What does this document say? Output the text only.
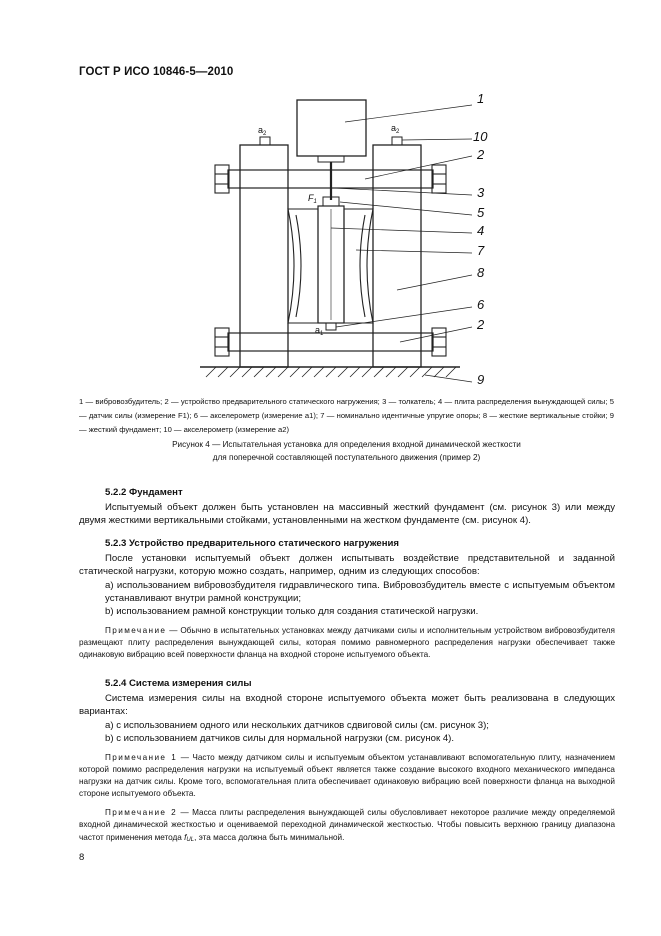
ГОСТ Р ИСО 10846-5—2010
1
10
2
3
5
4
7
8
6
2
9
$a_2$
$a_2$
$F_1$
$a_1$
1 — вибровозбудитель; 2 — устройство предварительного статического нагружения; 3 — толкатель; 4 — плита распределения вынуждающей силы; 5 — датчик силы (измерение F1); 6 — акселерометр (измерение a1); 7 — номинально идентичные упругие опоры; 8 — жесткие вертикальные стойки; 9 — жесткий фундамент; 10 — акселерометр (измерение a2)
Рисунок 4 — Испытательная установка для определения входной динамической жесткости
для поперечной составляющей поступательного движения (пример 2)
5.2.2 Фундамент
Испытуемый объект должен быть установлен на массивный жесткий фундамент (см. рисунок 3) или между двумя жесткими вертикальными стойками, установленными на жестком фундаменте (см. рисунок 4).
5.2.3 Устройство предварительного статического нагружения
После установки испытуемый объект должен испытывать воздействие представительной и заданной статической нагрузки, которую можно создать, например, одним из следующих способов:
a) использованием вибровозбудителя гидравлического типа. Вибровозбудитель вместе с испытуемым объектом устанавливают внутри рамной конструкции;
b) использованием рамной конструкции только для создания статической нагрузки.
Примечание — Обычно в испытательных установках между датчиками силы и исполнительным устройством вибровозбудителя размещают плиту распределения вынуждающей силы, которая помимо равномерного распределения нагрузки обеспечивает также одинаковую вибрацию всей поверхности фланца на входной стороне испытуемого объекта.
5.2.4 Система измерения силы
Система измерения силы на входной стороне испытуемого объекта может быть реализована в следующих вариантах:
a) с использованием одного или нескольких датчиков сдвиговой силы (см. рисунок 3);
b) с использованием датчиков силы для нормальной нагрузки (см. рисунок 4).
Примечание 1 — Часто между датчиком силы и испытуемым объектом устанавливают вспомогательную плиту, назначением которой помимо распределения нагрузки на испытуемый объект является также создание высокого входного механического импеданса нагрузки на датчик силы. Кроме того, вспомогательная плита обеспечивает одинаковую вибрацию всей поверхности фланца на выходной стороне испытуемого объекта.
Примечание 2 — Масса плиты распределения вынуждающей силы обусловливает некоторое различие между определяемой входной динамической жесткостью и оцениваемой переходной динамической жесткостью. Чтобы повысить верхнюю границу диапазона частот применения метода fUL, эта масса должна быть минимальной.
8
